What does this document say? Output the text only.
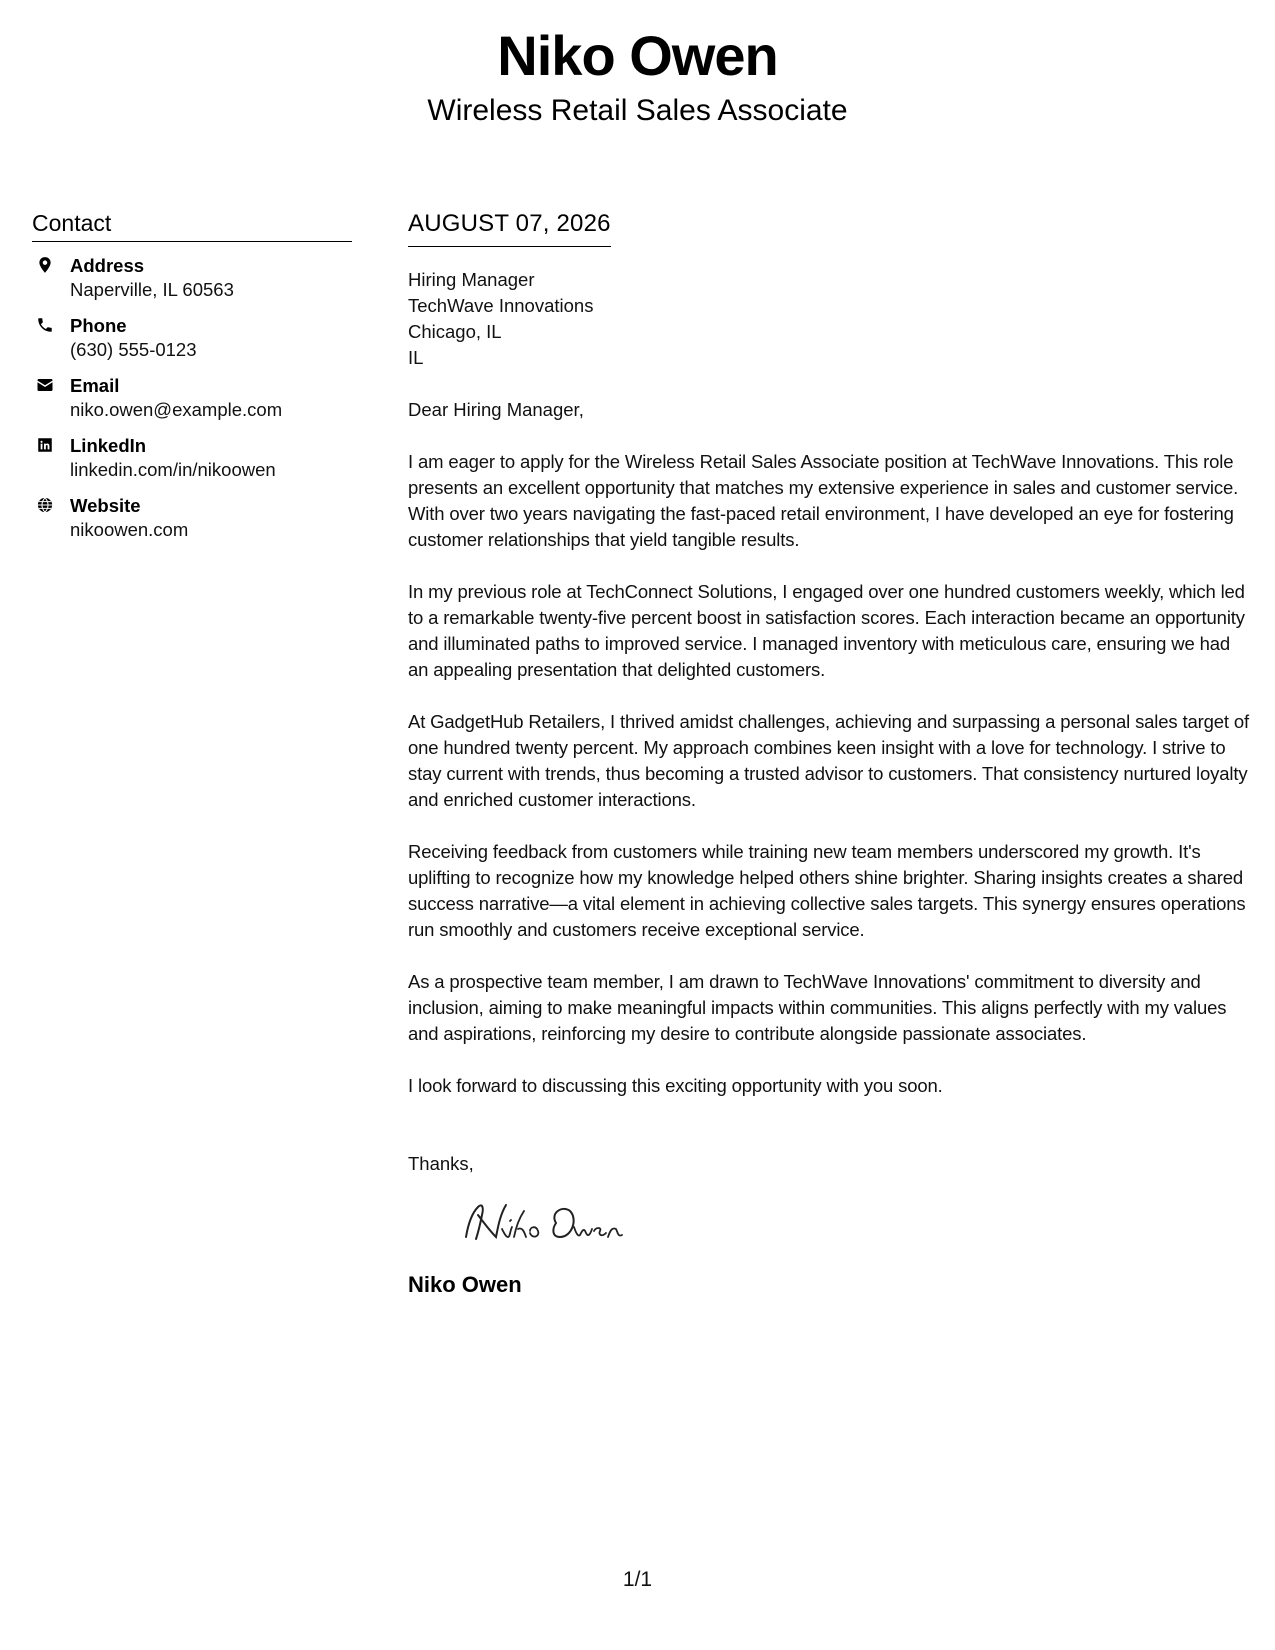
Niko Owen
Wireless Retail Sales Associate
Contact
Address
Naperville, IL 60563
Phone
(630) 555-0123
Email
niko.owen@example.com
LinkedIn
linkedin.com/in/nikoowen
Website
nikoowen.com
AUGUST 07, 2026
Hiring Manager
TechWave Innovations
Chicago, IL
IL
Dear Hiring Manager,
I am eager to apply for the Wireless Retail Sales Associate position at TechWave Innovations. This role presents an excellent opportunity that matches my extensive experience in sales and customer service. With over two years navigating the fast-paced retail environment, I have developed an eye for fostering customer relationships that yield tangible results.
In my previous role at TechConnect Solutions, I engaged over one hundred customers weekly, which led to a remarkable twenty-five percent boost in satisfaction scores. Each interaction became an opportunity and illuminated paths to improved service. I managed inventory with meticulous care, ensuring we had an appealing presentation that delighted customers.
At GadgetHub Retailers, I thrived amidst challenges, achieving and surpassing a personal sales target of one hundred twenty percent. My approach combines keen insight with a love for technology. I strive to stay current with trends, thus becoming a trusted advisor to customers. That consistency nurtured loyalty and enriched customer interactions.
Receiving feedback from customers while training new team members underscored my growth. It's uplifting to recognize how my knowledge helped others shine brighter. Sharing insights creates a shared success narrative—a vital element in achieving collective sales targets. This synergy ensures operations run smoothly and customers receive exceptional service.
As a prospective team member, I am drawn to TechWave Innovations' commitment to diversity and inclusion, aiming to make meaningful impacts within communities. This aligns perfectly with my values and aspirations, reinforcing my desire to contribute alongside passionate associates.
I look forward to discussing this exciting opportunity with you soon.
Thanks,
Niko Owen
1/1
